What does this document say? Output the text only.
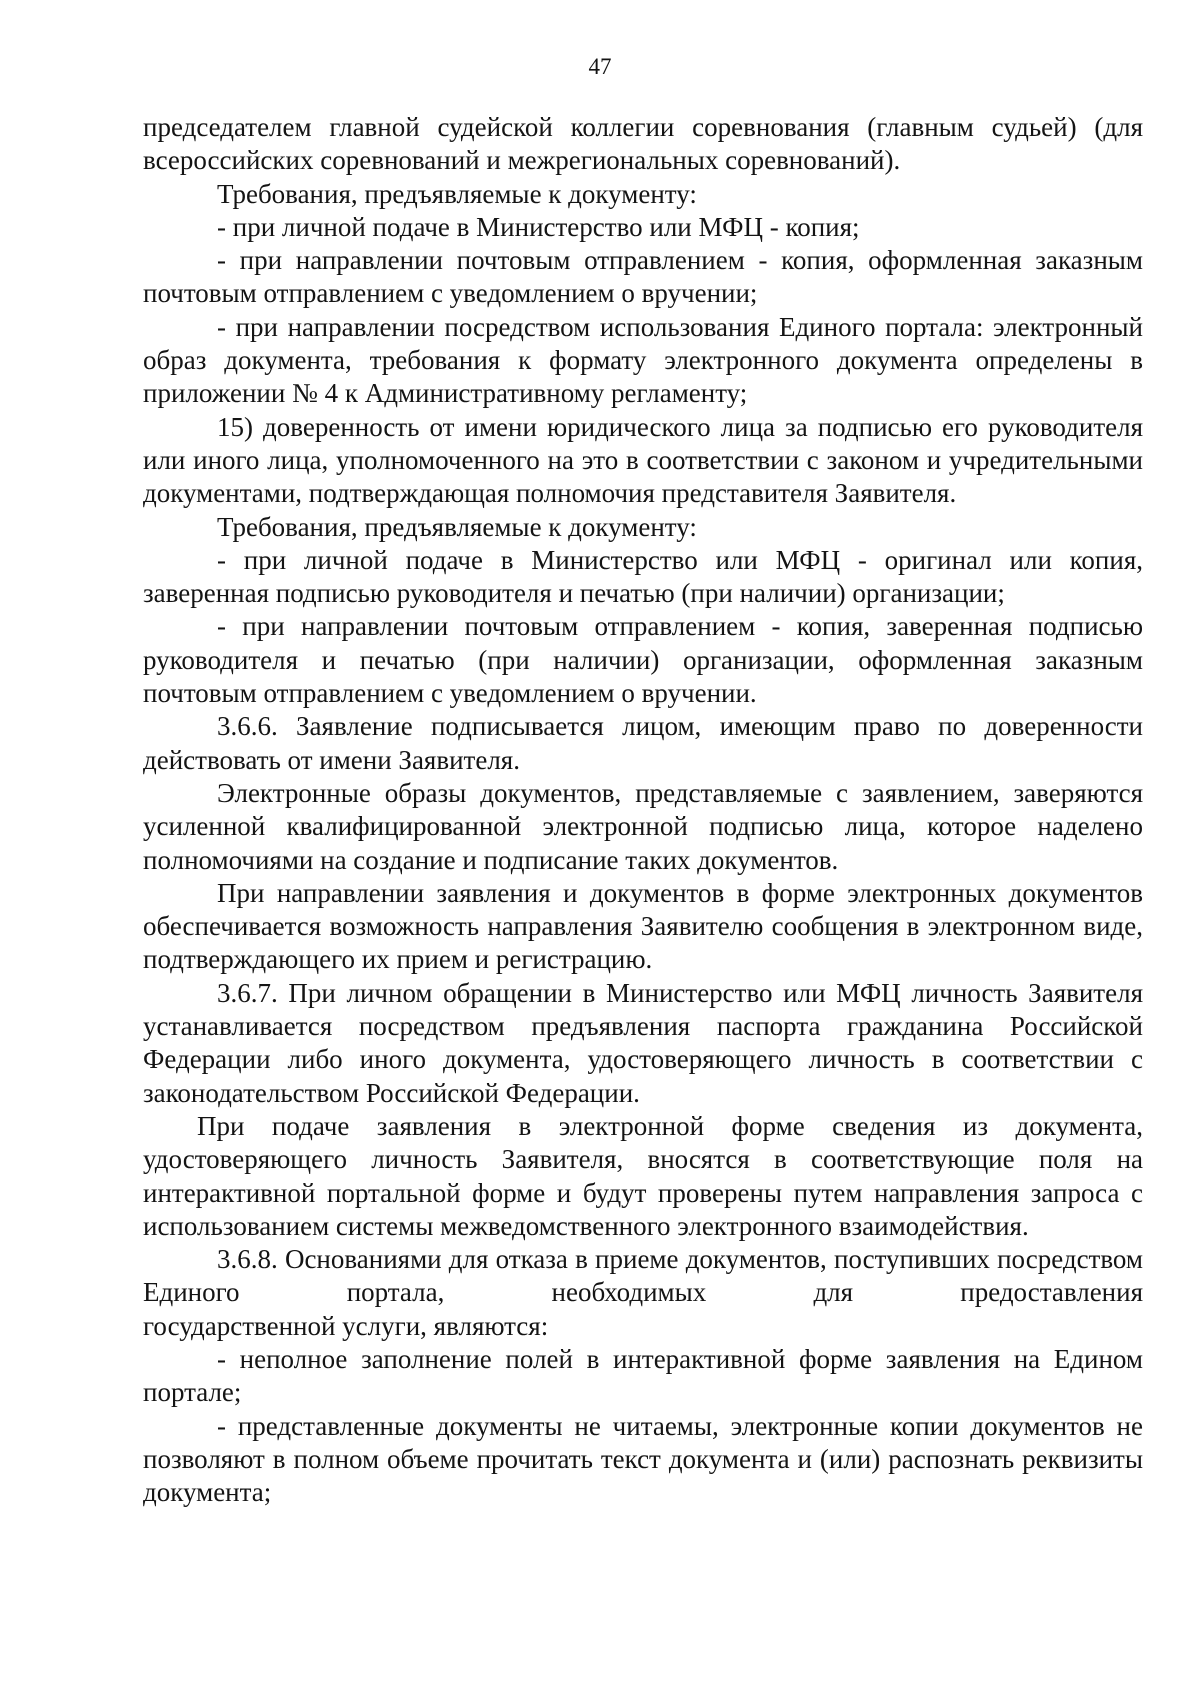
47

председателем главной судейской коллегии соревнования (главным судьей) (для всероссийских соревнований и межрегиональных соревнований).

Требования, предъявляемые к документу:

- при личной подаче в Министерство или МФЦ - копия;

- при направлении почтовым отправлением - копия, оформленная заказным почтовым отправлением с уведомлением о вручении;

- при направлении посредством использования Единого портала: электронный образ документа, требования к формату электронного документа определены в приложении № 4 к Административному регламенту;

15) доверенность от имени юридического лица за подписью его руководителя или иного лица, уполномоченного на это в соответствии с законом и учредительными документами, подтверждающая полномочия представителя Заявителя.

Требования, предъявляемые к документу:

- при личной подаче в Министерство или МФЦ - оригинал или копия, заверенная подписью руководителя и печатью (при наличии) организации;

- при направлении почтовым отправлением - копия, заверенная подписью руководителя и печатью (при наличии) организации, оформленная заказным почтовым отправлением с уведомлением о вручении.

3.6.6. Заявление подписывается лицом, имеющим право по доверенности действовать от имени Заявителя.

Электронные образы документов, представляемые с заявлением, заверяются усиленной квалифицированной электронной подписью лица, которое наделено полномочиями на создание и подписание таких документов.

При направлении заявления и документов в форме электронных документов обеспечивается возможность направления Заявителю сообщения в электронном виде, подтверждающего их прием и регистрацию.

3.6.7. При личном обращении в Министерство или МФЦ личность Заявителя устанавливается посредством предъявления паспорта гражданина Российской Федерации либо иного документа, удостоверяющего личность в соответствии с законодательством Российской Федерации.

При подаче заявления в электронной форме сведения из документа, удостоверяющего личность Заявителя, вносятся в соответствующие поля на интерактивной портальной форме и будут проверены путем направления запроса с использованием системы межведомственного электронного взаимодействия.

3.6.8. Основаниями для отказа в приеме документов, поступивших посредством Единого портала, необходимых для предоставления

государственной услуги, являются:

- неполное заполнение полей в интерактивной форме заявления на Едином портале;

- представленные документы не читаемы, электронные копии документов не позволяют в полном объеме прочитать текст документа и (или) распознать реквизиты документа;
